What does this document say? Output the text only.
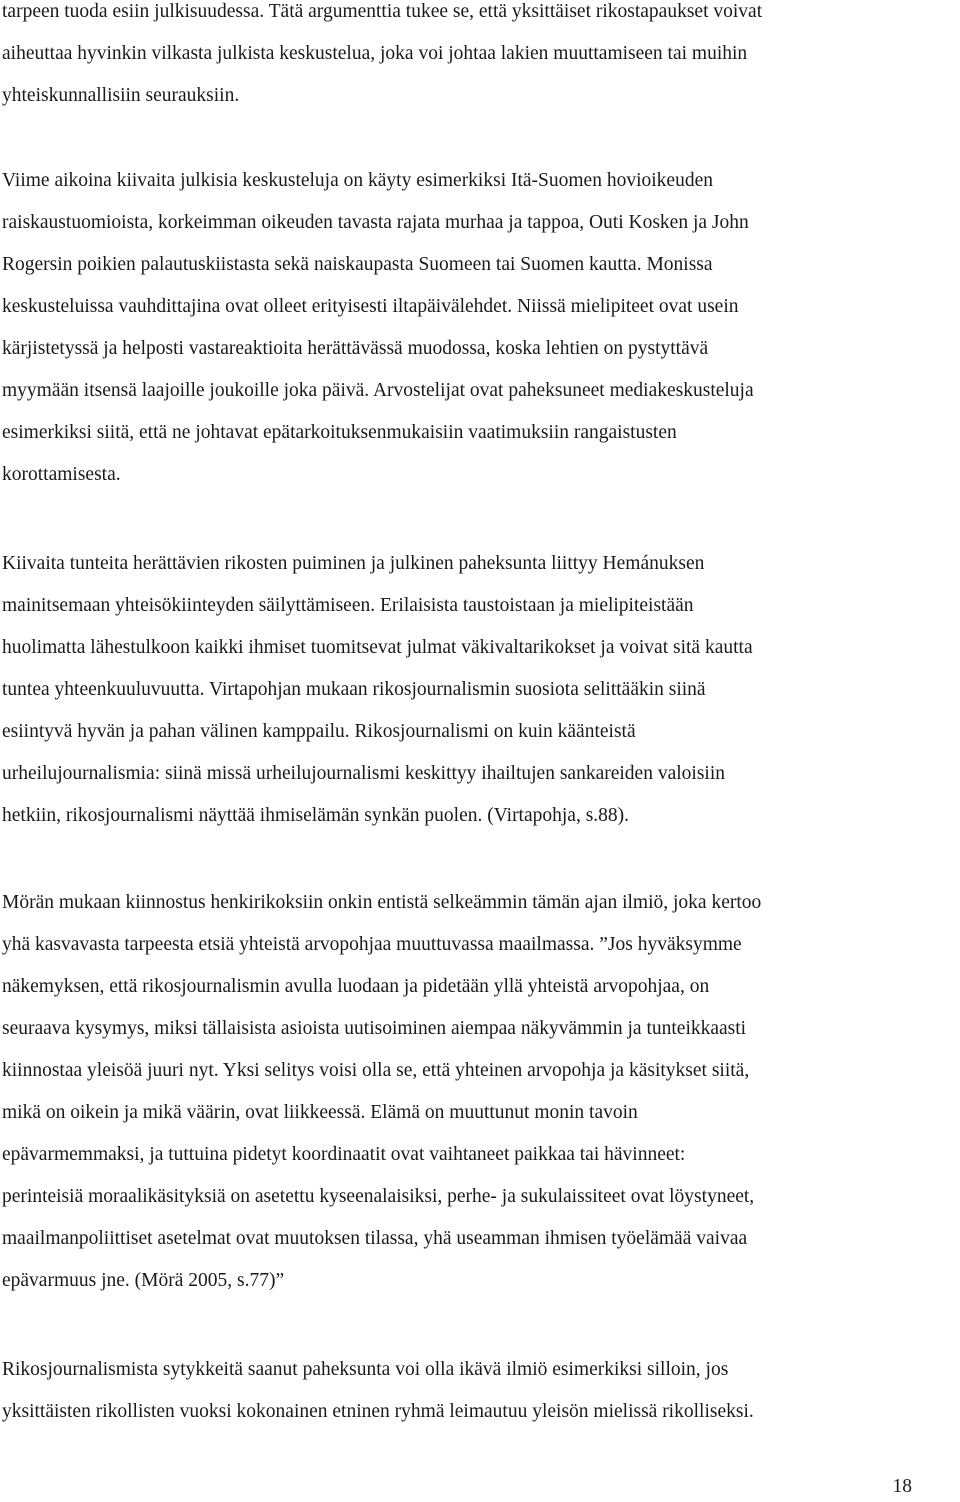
tarpeen tuoda esiin julkisuudessa. Tätä argumenttia tukee se, että yksittäiset rikostapaukset voivat
aiheuttaa hyvinkin vilkasta julkista keskustelua, joka voi johtaa lakien muuttamiseen tai muihin
yhteiskunnallisiin seurauksiin.
Viime aikoina kiivaita julkisia keskusteluja on käyty esimerkiksi Itä-Suomen hovioikeuden
raiskaustuomioista, korkeimman oikeuden tavasta rajata murhaa ja tappoa, Outi Kosken ja John
Rogersin poikien palautuskiistasta sekä naiskaupasta Suomeen tai Suomen kautta. Monissa
keskusteluissa vauhdittajina ovat olleet erityisesti iltapäivälehdet. Niissä mielipiteet ovat usein
kärjistetyssä ja helposti vastareaktioita herättävässä muodossa, koska lehtien on pystyttävä
myymään itsensä laajoille joukoille joka päivä. Arvostelijat ovat paheksuneet mediakeskusteluja
esimerkiksi siitä, että ne johtavat epätarkoituksenmukaisiin vaatimuksiin rangaistusten
korottamisesta.
Kiivaita tunteita herättävien rikosten puiminen ja julkinen paheksunta liittyy Hemánuksen
mainitsemaan yhteisökiinteyden säilyttämiseen. Erilaisista taustoistaan ja mielipiteistään
huolimatta lähestulkoon kaikki ihmiset tuomitsevat julmat väkivaltarikokset ja voivat sitä kautta
tuntea yhteenkuuluvuutta. Virtapohjan mukaan rikosjournalismin suosiota selittääkin siinä
esiintyvä hyvän ja pahan välinen kamppailu. Rikosjournalismi on kuin käänteistä
urheilujournalismia: siinä missä urheilujournalismi keskittyy ihailtujen sankareiden valoisiin
hetkiin, rikosjournalismi näyttää ihmiselämän synkän puolen. (Virtapohja, s.88).
Mörän mukaan kiinnostus henkirikoksiin onkin entistä selkeämmin tämän ajan ilmiö, joka kertoo
yhä kasvavasta tarpeesta etsiä yhteistä arvopohjaa muuttuvassa maailmassa. ”Jos hyväksymme
näkemyksen, että rikosjournalismin avulla luodaan ja pidetään yllä yhteistä arvopohjaa, on
seuraava kysymys, miksi tällaisista asioista uutisoiminen aiempaa näkyvämmin ja tunteikkaasti
kiinnostaa yleisöä juuri nyt. Yksi selitys voisi olla se, että yhteinen arvopohja ja käsitykset siitä,
mikä on oikein ja mikä väärin, ovat liikkeessä. Elämä on muuttunut monin tavoin
epävarmemmaksi, ja tuttuina pidetyt koordinaatit ovat vaihtaneet paikkaa tai hävinneet:
perinteisiä moraalikäsityksiä on asetettu kyseenalaisiksi, perhe- ja sukulaissiteet ovat löystyneet,
maailmanpoliittiset asetelmat ovat muutoksen tilassa, yhä useamman ihmisen työelämää vaivaa
epävarmuus jne. (Mörä 2005, s.77)”
Rikosjournalismista sytykkeitä saanut paheksunta voi olla ikävä ilmiö esimerkiksi silloin, jos
yksittäisten rikollisten vuoksi kokonainen etninen ryhmä leimautuu yleisön mielissä rikolliseksi.
18
